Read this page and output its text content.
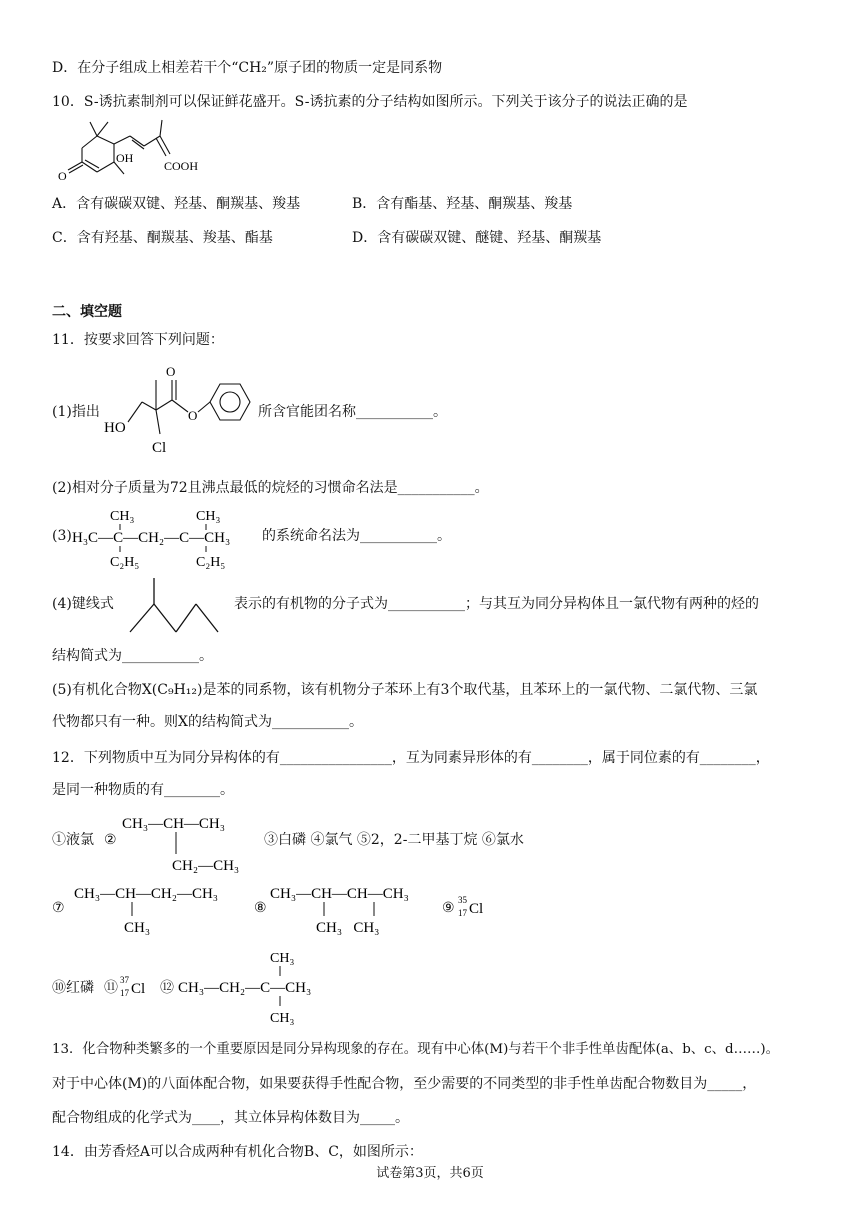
D．在分子组成上相差若干个“CH₂”原子团的物质一定是同系物
10．S-诱抗素制剂可以保证鲜花盛开。S-诱抗素的分子结构如图所示。下列关于该分子的说法正确的是
OH
COOH
O
A．含有碳碳双键、羟基、酮羰基、羧基	B．含有酯基、羟基、酮羰基、羧基
C．含有羟基、酮羰基、羧基、酯基	D．含有碳碳双键、醚键、羟基、酮羰基
二、填空题
11．按要求回答下列问题：
(1)指出
O
HO
O
Cl
所含官能团名称___________。
(2)相对分子质量为72且沸点最低的烷烃的习惯命名法是___________。
(3) H₃C—C—CH₂—C—CH₃
CH₃	CH₃
C₂H₅	C₂H₅
的系统命名法为___________。
(4)键线式	表示的有机物的分子式为___________；与其互为同分异构体且一氯代物有两种的烃的
结构简式为___________。
(5)有机化合物X(C₉H₁₂)是苯的同系物，该有机物分子苯环上有3个取代基，且苯环上的一氯代物、二氯代物、三氯
代物都只有一种。则X的结构简式为___________。
12．下列物质中互为同分异构体的有________________，互为同素异形体的有________，属于同位素的有________，
是同一种物质的有________。
①液氯 ②
CH₃—CH—CH₃
CH₂—CH₃
③白磷 ④氯气 ⑤2，2-二甲基丁烷 ⑥氯水
⑦
CH₃—CH—CH₂—CH₃
CH₃
⑧
CH₃—CH—CH—CH₃
CH₃   CH₃
⑨ 35
17 Cl
⑩红磷 ⑪ 37
17 Cl ⑫
CH₃
CH₃—CH₂—C—CH₃
CH₃
13．化合物种类繁多的一个重要原因是同分异构现象的存在。现有中心体(M)与若干个非手性单齿配体(a、b、c、d……)。
对于中心体(M)的八面体配合物，如果要获得手性配合物，至少需要的不同类型的非手性单齿配合物数目为_____，
配合物组成的化学式为____，其立体异构体数目为_____。
14．由芳香烃A可以合成两种有机化合物B、C，如图所示：
试卷第3页，共6页
